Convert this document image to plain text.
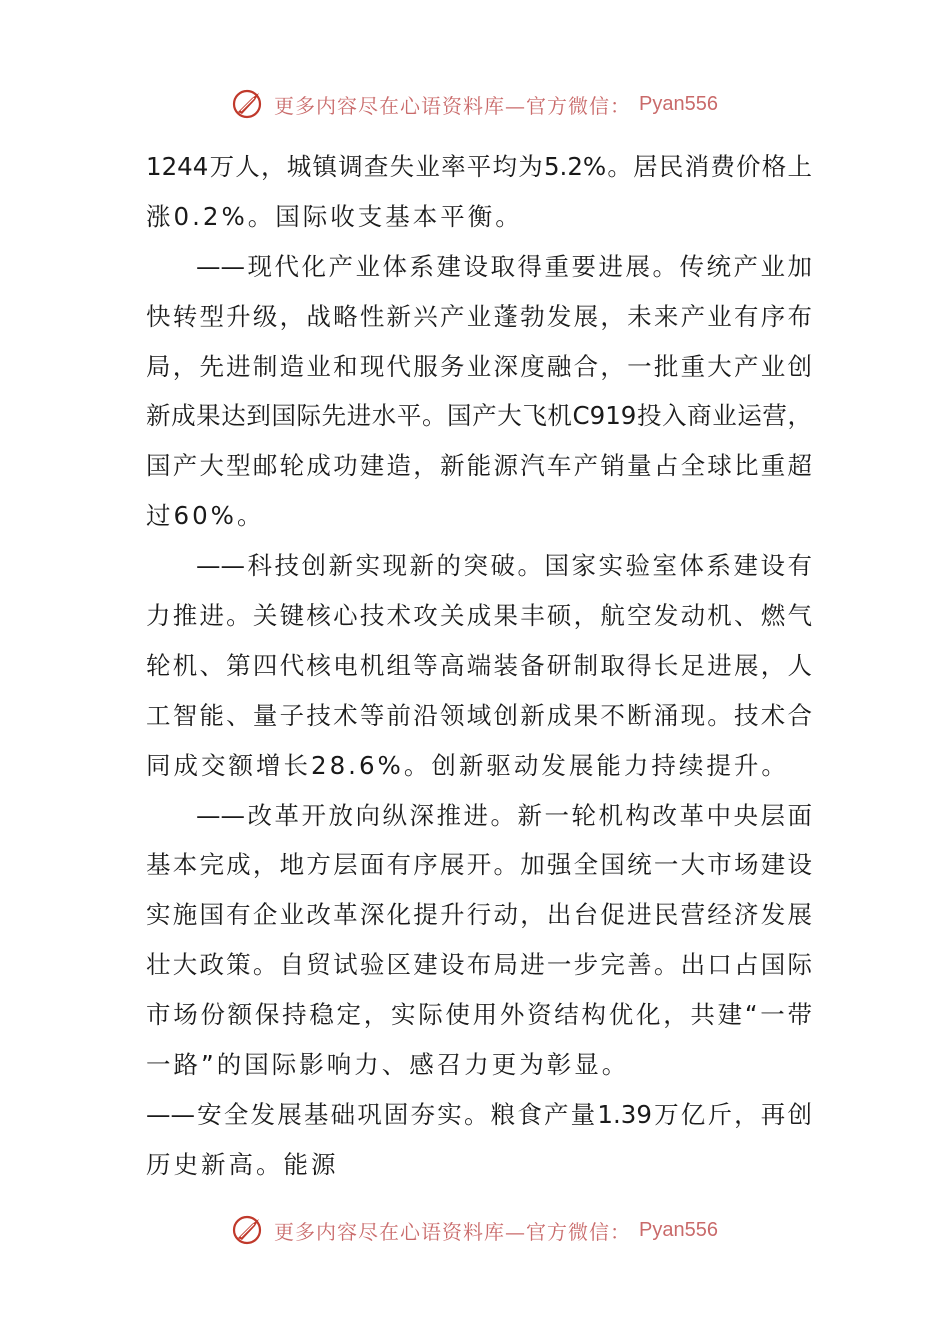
更多内容尽在心语资料库—官方微信： Pyan556
1244万人，城镇调查失业率平均为5.2%。居民消费价格上
涨0.2%。国际收支基本平衡。
——现代化产业体系建设取得重要进展。传统产业加
快转型升级，战略性新兴产业蓬勃发展，未来产业有序布
局，先进制造业和现代服务业深度融合，一批重大产业创
新成果达到国际先进水平。国产大飞机C919投入商业运营，
国产大型邮轮成功建造，新能源汽车产销量占全球比重超
过60%。
——科技创新实现新的突破。国家实验室体系建设有
力推进。关键核心技术攻关成果丰硕，航空发动机、燃气
轮机、第四代核电机组等高端装备研制取得长足进展，人
工智能、量子技术等前沿领域创新成果不断涌现。技术合
同成交额增长28.6%。创新驱动发展能力持续提升。
——改革开放向纵深推进。新一轮机构改革中央层面
基本完成，地方层面有序展开。加强全国统一大市场建设
实施国有企业改革深化提升行动，出台促进民营经济发展
壮大政策。自贸试验区建设布局进一步完善。出口占国际
市场份额保持稳定，实际使用外资结构优化，共建“一带
一路”的国际影响力、感召力更为彰显。
——安全发展基础巩固夯实。粮食产量1.39万亿斤，再创
历史新高。能源
更多内容尽在心语资料库—官方微信： Pyan556
